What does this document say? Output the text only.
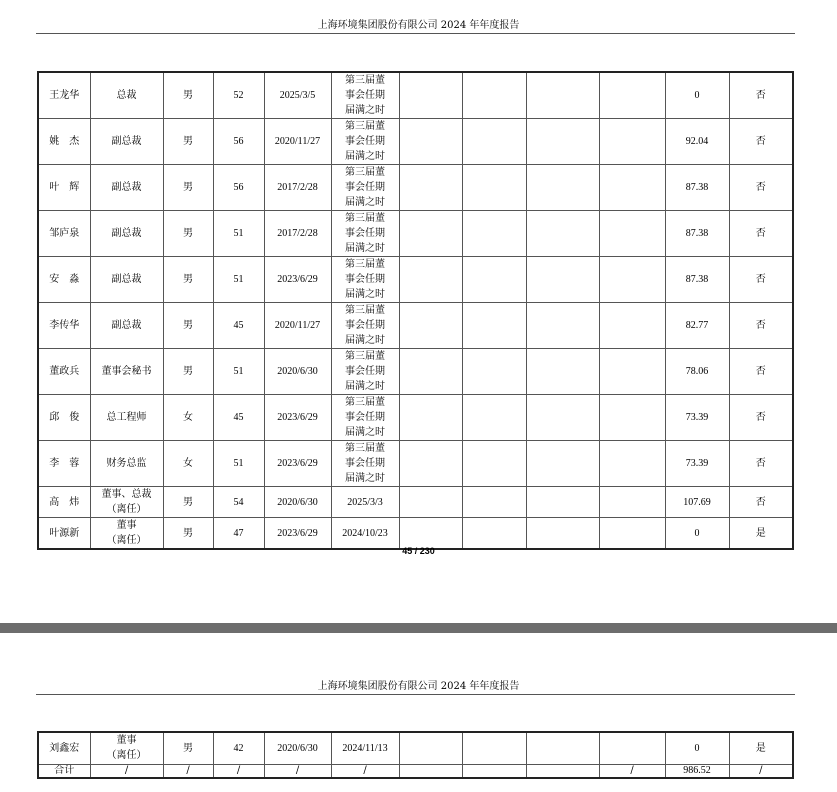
上海环境集团股份有限公司 2024 年年度报告
王龙华	总裁	男	52	2025/3/5	第三届董
事会任期
届满之时					0	否
姚　杰	副总裁	男	56	2020/11/27	第三届董
事会任期
届满之时					92.04	否
叶　辉	副总裁	男	56	2017/2/28	第三届董
事会任期
届满之时					87.38	否
邹庐泉	副总裁	男	51	2017/2/28	第三届董
事会任期
届满之时					87.38	否
安　淼	副总裁	男	51	2023/6/29	第三届董
事会任期
届满之时					87.38	否
李传华	副总裁	男	45	2020/11/27	第三届董
事会任期
届满之时					82.77	否
董政兵	董事会秘书	男	51	2020/6/30	第三届董
事会任期
届满之时					78.06	否
邱　俊	总工程师	女	45	2023/6/29	第三届董
事会任期
届满之时					73.39	否
李　蓉	财务总监	女	51	2023/6/29	第三届董
事会任期
届满之时					73.39	否
高　炜	董事、总裁
（离任）	男	54	2020/6/30	2025/3/3					107.69	否
叶源新	董事
（离任）	男	47	2023/6/29	2024/10/23					0	是
45 / 230
上海环境集团股份有限公司 2024 年年度报告
刘鑫宏	董事
（离任）	男	42	2020/6/30	2024/11/13					0	是
合计	/	/	/	/	/				/	986.52	/
